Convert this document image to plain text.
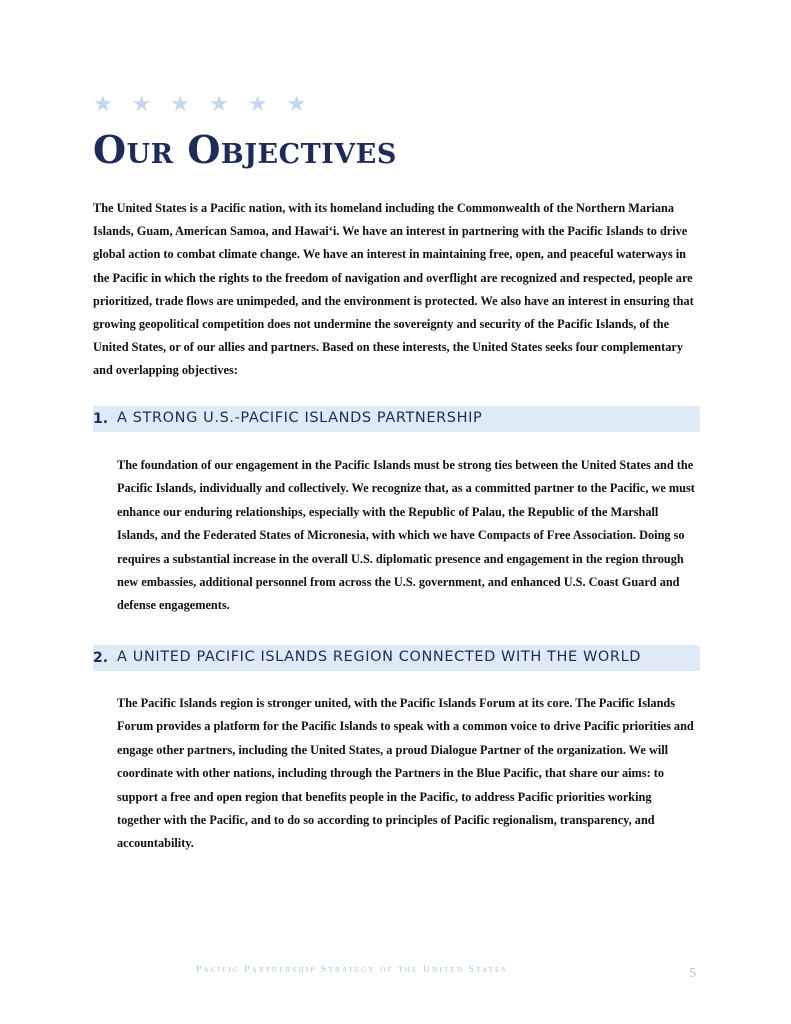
★ ★ ★ ★ ★ ★
Our Objectives

The United States is a Pacific nation, with its homeland including the Commonwealth of the Northern Mariana Islands, Guam, American Samoa, and Hawai‘i. We have an interest in partnering with the Pacific Islands to drive global action to combat climate change. We have an interest in maintaining free, open, and peaceful waterways in the Pacific in which the rights to the freedom of navigation and overflight are recognized and respected, people are prioritized, trade flows are unimpeded, and the environment is protected. We also have an interest in ensuring that growing geopolitical competition does not undermine the sovereignty and security of the Pacific Islands, of the United States, or of our allies and partners. Based on these interests, the United States seeks four complementary and overlapping objectives:

1. A STRONG U.S.-PACIFIC ISLANDS PARTNERSHIP

The foundation of our engagement in the Pacific Islands must be strong ties between the United States and the Pacific Islands, individually and collectively. We recognize that, as a committed partner to the Pacific, we must enhance our enduring relationships, especially with the Republic of Palau, the Republic of the Marshall Islands, and the Federated States of Micronesia, with which we have Compacts of Free Association. Doing so requires a substantial increase in the overall U.S. diplomatic presence and engagement in the region through new embassies, additional personnel from across the U.S. government, and enhanced U.S. Coast Guard and defense engagements.

2. A UNITED PACIFIC ISLANDS REGION CONNECTED WITH THE WORLD

The Pacific Islands region is stronger united, with the Pacific Islands Forum at its core. The Pacific Islands Forum provides a platform for the Pacific Islands to speak with a common voice to drive Pacific priorities and engage other partners, including the United States, a proud Dialogue Partner of the organization. We will coordinate with other nations, including through the Partners in the Blue Pacific, that share our aims: to support a free and open region that benefits people in the Pacific, to address Pacific priorities working together with the Pacific, and to do so according to principles of Pacific regionalism, transparency, and accountability.

Pacific Partnership Strategy of the United States	5
